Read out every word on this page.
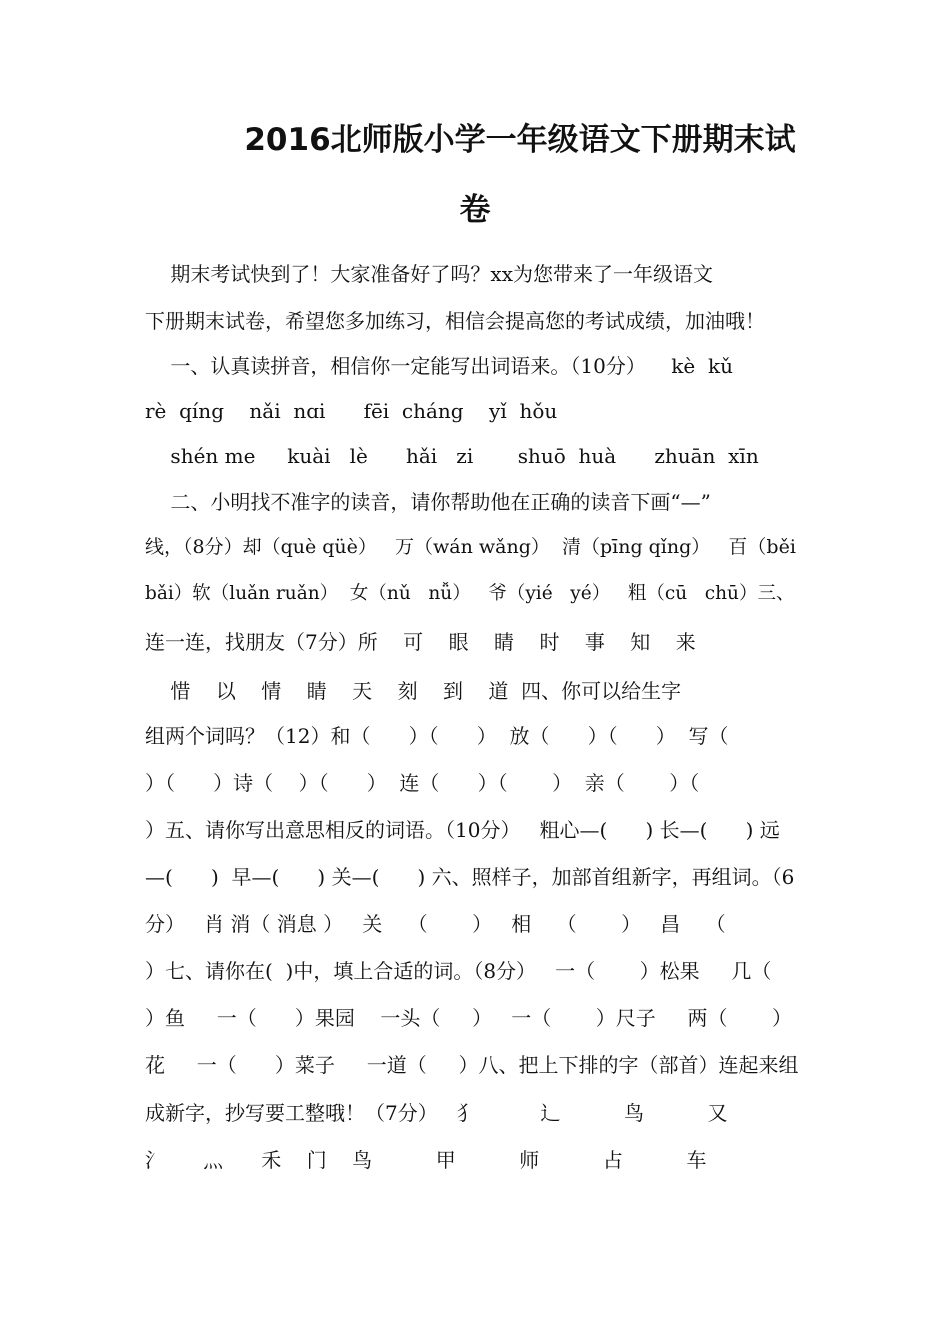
2016北师版小学一年级语文下册期末试
卷
期末考试快到了！大家准备好了吗？xx为您带来了一年级语文
下册期末试卷，希望您多加练习，相信会提高您的考试成绩，加油哦！
一、认真读拼音，相信你一定能写出词语来。（10分）    kè  kǔ
rè  qíng    nǎi  nɑi      fēi  cháng    yǐ  hǒu
shén me     kuài   lè      hǎi   zi       shuō  huà      zhuān  xīn
二、小明找不准字的读音，请你帮助他在正确的读音下画“—”
线，（8分）却（què qüè）   万（wán wǎng）  清（pīng qǐng）   百（běi
bǎi）软（luǎn ruǎn）  女（nǔ   nǚ）   爷（yié   yé）   粗（cū   chū）三、
连一连，找朋友（7分）所    可    眼    睛    时    事    知    来
惜    以    情    睛    天    刻    到    道  四、你可以给生字
组两个词吗？（12）和（      ）（      ）  放（      ）（      ）  写（
）（      ）诗（    ）（      ）  连（      ）（       ）  亲（       ）（
）五、请你写出意思相反的词语。（10分）   粗心—(      ) 长—(      ) 远
—(      )  早—(      ) 关—(      ) 六、照样子，加部首组新字，再组词。（6
分）   肖 消（ 消息 ）   关    （       ）   相    （       ）   昌    （
）七、请你在(  )中，填上合适的词。（8分）   一（       ）松果     几（
）鱼     一（      ）果园    一头（     ）   一（       ）尺子     两（       ）
花     一（      ）菜子     一道（     ）八、把上下排的字（部首）连起来组
成新字，抄写要工整哦！（7分）   犭          辶          鸟          又
氵      灬      禾    门    鸟          甲          师          占          车
